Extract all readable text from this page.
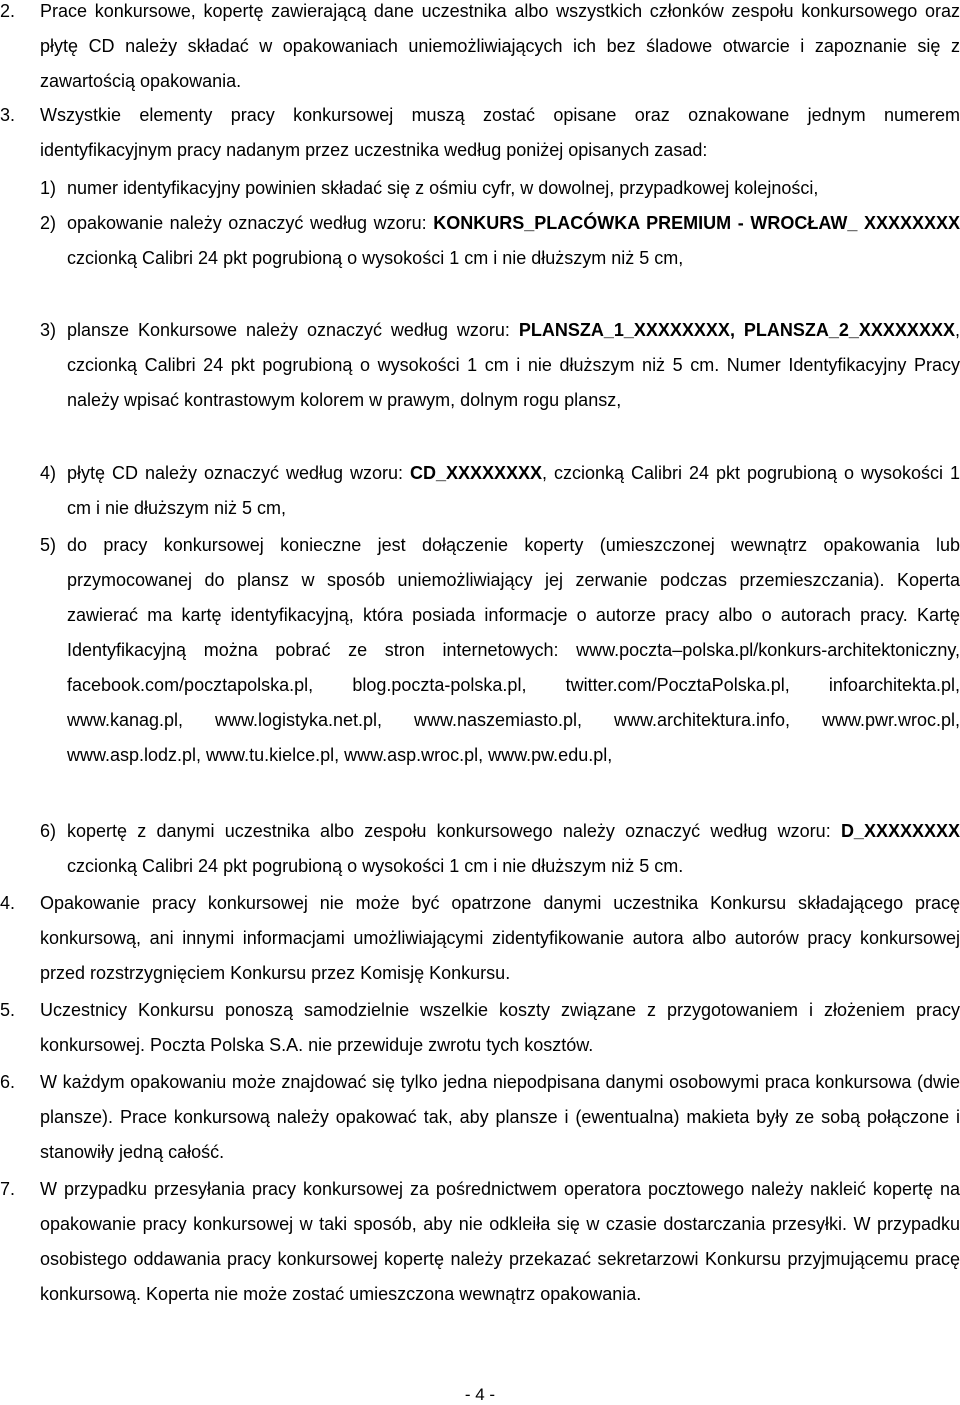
2. Prace konkursowe, kopertę zawierającą dane uczestnika albo wszystkich członków zespołu konkursowego oraz płytę CD należy składać w opakowaniach uniemożliwiających ich bez śladowe otwarcie i zapoznanie się z zawartością opakowania.
3. Wszystkie elementy pracy konkursowej muszą zostać opisane oraz oznakowane jednym numerem identyfikacyjnym pracy nadanym przez uczestnika według poniżej opisanych zasad:
1) numer identyfikacyjny powinien składać się z ośmiu cyfr, w dowolnej, przypadkowej kolejności,
2) opakowanie należy oznaczyć według wzoru: KONKURS_PLACÓWKA PREMIUM - WROCŁAW_ XXXXXXXX czcionką Calibri 24 pkt pogrubioną o wysokości 1 cm i nie dłuższym niż 5 cm,
3) plansze Konkursowe należy oznaczyć według wzoru: PLANSZA_1_XXXXXXXX, PLANSZA_2_XXXXXXXX, czcionką Calibri 24 pkt pogrubioną o wysokości 1 cm i nie dłuższym niż 5 cm. Numer Identyfikacyjny Pracy należy wpisać kontrastowym kolorem w prawym, dolnym rogu plansz,
4) płytę CD należy oznaczyć według wzoru: CD_XXXXXXXX, czcionką Calibri 24 pkt pogrubioną o wysokości 1 cm i nie dłuższym niż 5 cm,
5) do pracy konkursowej konieczne jest dołączenie koperty (umieszczonej wewnątrz opakowania lub przymocowanej do plansz w sposób uniemożliwiający jej zerwanie podczas przemieszczania). Koperta zawierać ma kartę identyfikacyjną, która posiada informacje o autorze pracy albo o autorach pracy. Kartę Identyfikacyjną można pobrać ze stron internetowych: www.poczta–polska.pl/konkurs-architektoniczny, facebook.com/pocztapolska.pl, blog.poczta-polska.pl, twitter.com/PocztaPolska.pl, infoarchitekta.pl, www.kanag.pl, www.logistyka.net.pl, www.naszemiasto.pl, www.architektura.info, www.pwr.wroc.pl, www.asp.lodz.pl, www.tu.kielce.pl, www.asp.wroc.pl, www.pw.edu.pl,
6) kopertę z danymi uczestnika albo zespołu konkursowego należy oznaczyć według wzoru: D_XXXXXXXX czcionką Calibri 24 pkt pogrubioną o wysokości 1 cm i nie dłuższym niż 5 cm.
4. Opakowanie pracy konkursowej nie może być opatrzone danymi uczestnika Konkursu składającego pracę konkursową, ani innymi informacjami umożliwiającymi zidentyfikowanie autora albo autorów pracy konkursowej przed rozstrzygnięciem Konkursu przez Komisję Konkursu.
5. Uczestnicy Konkursu ponoszą samodzielnie wszelkie koszty związane z przygotowaniem i złożeniem pracy konkursowej. Poczta Polska S.A. nie przewiduje zwrotu tych kosztów.
6. W każdym opakowaniu może znajdować się tylko jedna niepodpisana danymi osobowymi praca konkursowa (dwie plansze). Prace konkursową należy opakować tak, aby plansze i (ewentualna) makieta były ze sobą połączone i stanowiły jedną całość.
7. W przypadku przesyłania pracy konkursowej za pośrednictwem operatora pocztowego należy nakleić kopertę na opakowanie pracy konkursowej w taki sposób, aby nie odkleiła się w czasie dostarczania przesyłki. W przypadku osobistego oddawania pracy konkursowej kopertę należy przekazać sekretarzowi Konkursu przyjmującemu pracę konkursową. Koperta nie może zostać umieszczona wewnątrz opakowania.
- 4 -
